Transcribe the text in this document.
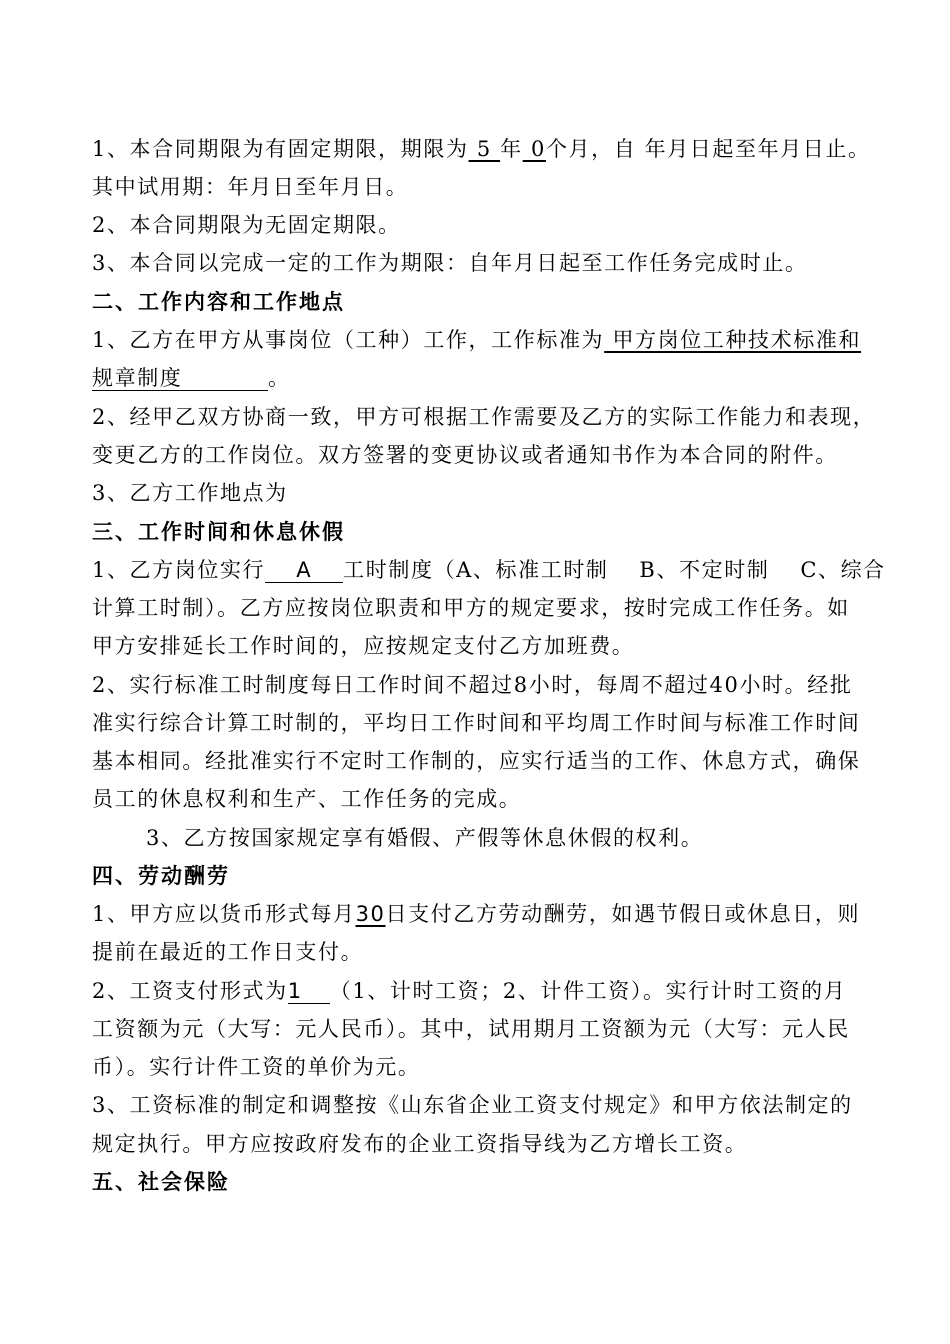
1、本合同期限为有固定期限，期限为 5 年 0个月，自 年月日起至年月日止。
其中试用期：年月日至年月日。
2、本合同期限为无固定期限。
3、本合同以完成一定的工作为期限：自年月日起至工作任务完成时止。
二、工作内容和工作地点
1、乙方在甲方从事岗位（工种）工作，工作标准为 甲方岗位工种技术标准和
规章制度	。
2、经甲乙双方协商一致，甲方可根据工作需要及乙方的实际工作能力和表现，
变更乙方的工作岗位。双方签署的变更协议或者通知书作为本合同的附件。
3、乙方工作地点为
三、工作时间和休息休假
1、乙方岗位实行 A 工时制度（A、标准工时制　 B、不定时制　 C、综合
计算工时制）。乙方应按岗位职责和甲方的规定要求，按时完成工作任务。如
甲方安排延长工作时间的，应按规定支付乙方加班费。
2、实行标准工时制度每日工作时间不超过8小时，每周不超过40小时。经批
准实行综合计算工时制的，平均日工作时间和平均周工作时间与标准工作时间
基本相同。经批准实行不定时工作制的，应实行适当的工作、休息方式，确保
员工的休息权利和生产、工作任务的完成。
3、乙方按国家规定享有婚假、产假等休息休假的权利。
四、劳动酬劳
1、甲方应以货币形式每月30日支付乙方劳动酬劳，如遇节假日或休息日，则
提前在最近的工作日支付。
2、工资支付形式为1 （1、计时工资；2、计件工资）。实行计时工资的月
工资额为元（大写：元人民币）。其中，试用期月工资额为元（大写：元人民
币）。实行计件工资的单价为元。
3、工资标准的制定和调整按《山东省企业工资支付规定》和甲方依法制定的
规定执行。甲方应按政府发布的企业工资指导线为乙方增长工资。
五、社会保险
